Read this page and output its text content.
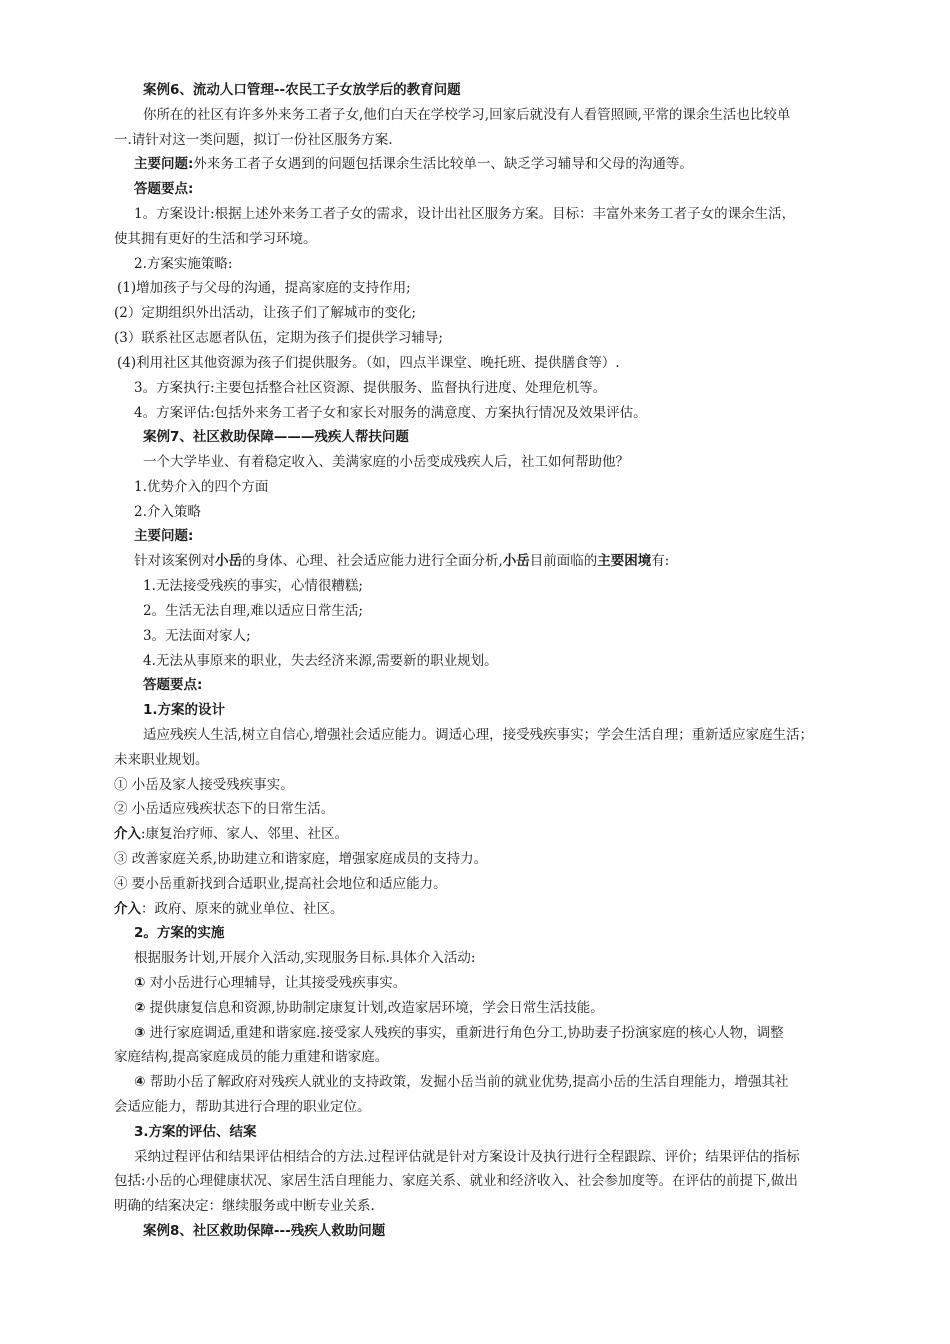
案例6、流动人口管理--农民工子女放学后的教育问题
你所在的社区有许多外来务工者子女,他们白天在学校学习,回家后就没有人看管照顾,平常的课余生活也比较单
一.请针对这一类问题，拟订一份社区服务方案.
主要问题:外来务工者子女遇到的问题包括课余生活比较单一、缺乏学习辅导和父母的沟通等。
答题要点:
1。方案设计:根据上述外来务工者子女的需求，设计出社区服务方案。目标：丰富外来务工者子女的课余生活，
使其拥有更好的生活和学习环境。
2.方案实施策略:
(1)增加孩子与父母的沟通，提高家庭的支持作用;
(2）定期组织外出活动，让孩子们了解城市的变化;
(3）联系社区志愿者队伍，定期为孩子们提供学习辅导;
(4)利用社区其他资源为孩子们提供服务。（如，四点半课堂、晚托班、提供膳食等）.
3。方案执行:主要包括整合社区资源、提供服务、监督执行进度、处理危机等。
4。方案评估:包括外来务工者子女和家长对服务的满意度、方案执行情况及效果评估。
案例7、社区救助保障———残疾人帮扶问题
一个大学毕业、有着稳定收入、美满家庭的小岳变成残疾人后，社工如何帮助他？
1.优势介入的四个方面
2.介入策略
主要问题:
针对该案例对小岳的身体、心理、社会适应能力进行全面分析,小岳目前面临的主要困境有:
1.无法接受残疾的事实，心情很糟糕;
2。生活无法自理,难以适应日常生活;
3。无法面对家人;
4.无法从事原来的职业，失去经济来源,需要新的职业规划。
答题要点:
1.方案的设计
适应残疾人生活,树立自信心,增强社会适应能力。调适心理，接受残疾事实；学会生活自理；重新适应家庭生活；
未来职业规划。
① 小岳及家人接受残疾事实。
② 小岳适应残疾状态下的日常生活。
介入:康复治疗师、家人、邻里、社区。
③ 改善家庭关系,协助建立和谐家庭，增强家庭成员的支持力。
④ 要小岳重新找到合适职业,提高社会地位和适应能力。
介入：政府、原来的就业单位、社区。
2。方案的实施
根据服务计划,开展介入活动,实现服务目标.具体介入活动:
① 对小岳进行心理辅导，让其接受残疾事实。
② 提供康复信息和资源,协助制定康复计划,改造家居环境，学会日常生活技能。
③ 进行家庭调适,重建和谐家庭.接受家人残疾的事实，重新进行角色分工,协助妻子扮演家庭的核心人物，调整
家庭结构,提高家庭成员的能力重建和谐家庭。
④ 帮助小岳了解政府对残疾人就业的支持政策，发掘小岳当前的就业优势,提高小岳的生活自理能力，增强其社
会适应能力，帮助其进行合理的职业定位。
3.方案的评估、结案
采纳过程评估和结果评估相结合的方法.过程评估就是针对方案设计及执行进行全程跟踪、评价；结果评估的指标
包括:小岳的心理健康状况、家居生活自理能力、家庭关系、就业和经济收入、社会参加度等。在评估的前提下,做出
明确的结案决定：继续服务或中断专业关系.
案例8、社区救助保障---残疾人救助问题
